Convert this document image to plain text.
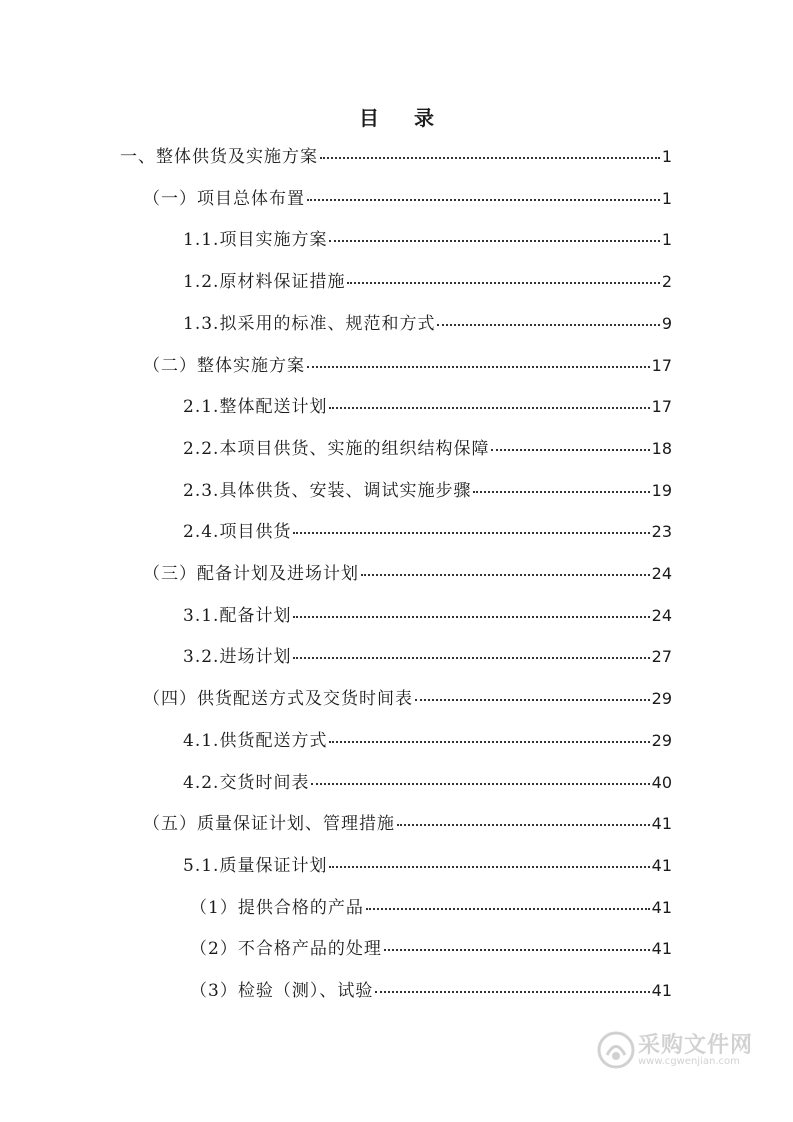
目 录
一、整体供货及实施方案	1
（一）项目总体布置	1
1.1.项目实施方案	1
1.2.原材料保证措施	2
1.3.拟采用的标准、规范和方式	9
（二）整体实施方案	17
2.1.整体配送计划	17
2.2.本项目供货、实施的组织结构保障	18
2.3.具体供货、安装、调试实施步骤	19
2.4.项目供货	23
（三）配备计划及进场计划	24
3.1.配备计划	24
3.2.进场计划	27
（四）供货配送方式及交货时间表	29
4.1.供货配送方式	29
4.2.交货时间表	40
（五）质量保证计划、管理措施	41
5.1.质量保证计划	41
（1）提供合格的产品	41
（2）不合格产品的处理	41
（3）检验（测）、试验	41
采购文件网
www.cgwenjian.com
